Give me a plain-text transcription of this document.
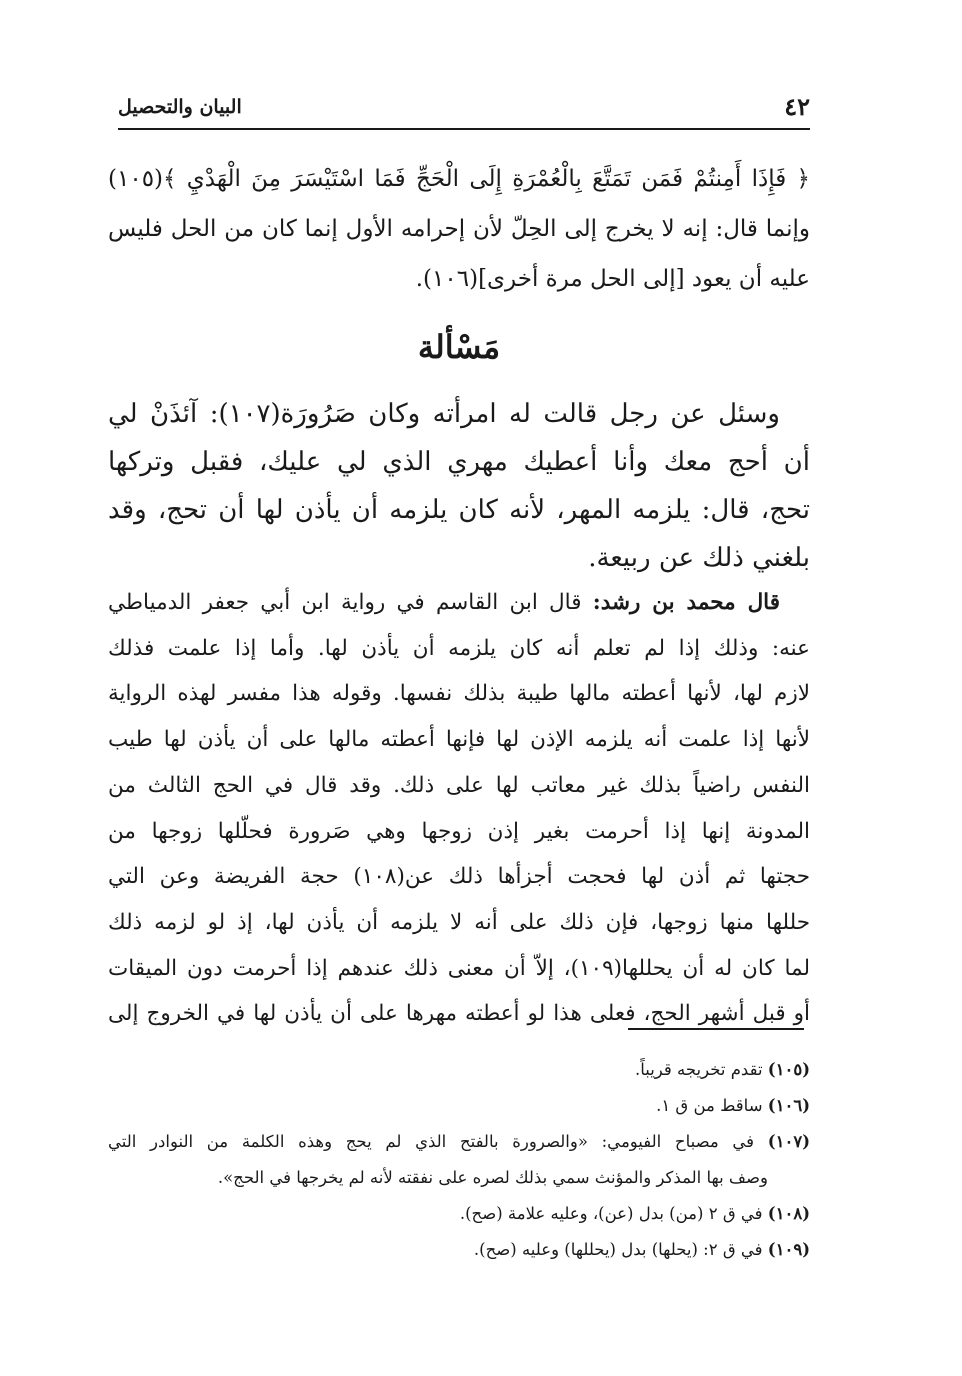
٤٢
البيان والتحصيل
﴿ فَإِذَا أَمِنتُمْ فَمَن تَمَتَّعَ بِالْعُمْرَةِ إِلَى الْحَجِّ فَمَا اسْتَيْسَرَ مِنَ الْهَدْيِ ﴾(١٠٥)
وإنما قال: إنه لا يخرج إلى الحِلّ لأن إحرامه الأول إنما كان من الحل فليس
عليه أن يعود [إلى الحل مرة أخرى](١٠٦).
مَسْألة
وسئل عن رجل قالت له امرأته وكان صَرُورَة(١٠٧): آئذَنْ لي
أن أحج معك وأنا أعطيك مهري الذي لي عليك، فقبل وتركها
تحج، قال: يلزمه المهر، لأنه كان يلزمه أن يأذن لها أن تحج، وقد
بلغني ذلك عن ربيعة.
قال محمد بن رشد: قال ابن القاسم في رواية ابن أبي جعفر الدمياطي
عنه: وذلك إذا لم تعلم أنه كان يلزمه أن يأذن لها. وأما إذا علمت فذلك
لازم لها، لأنها أعطته مالها طيبة بذلك نفسها. وقوله هذا مفسر لهذه الرواية
لأنها إذا علمت أنه يلزمه الإذن لها فإنها أعطته مالها على أن يأذن لها طيب
النفس راضياً بذلك غير معاتب لها على ذلك. وقد قال في الحج الثالث من
المدونة إنها إذا أحرمت بغير إذن زوجها وهي صَرورة فحلّلها زوجها من
حجتها ثم أذن لها فحجت أجزأها ذلك عن(١٠٨) حجة الفريضة وعن التي
حللها منها زوجها، فإن ذلك على أنه لا يلزمه أن يأذن لها، إذ لو لزمه ذلك
لما كان له أن يحللها(١٠٩)، إلاّ أن معنى ذلك عندهم إذا أحرمت دون الميقات
أو قبل أشهر الحج، فعلى هذا لو أعطته مهرها على أن يأذن لها في الخروج إلى
(١٠٥) تقدم تخريجه قريباً.
(١٠٦) ساقط من ق ١.
(١٠٧) في مصباح الفيومي: «والصرورة بالفتح الذي لم يحج وهذه الكلمة من النوادر التي
وصف بها المذكر والمؤنث سمي بذلك لصره على نفقته لأنه لم يخرجها في الحج».
(١٠٨) في ق ٢ (من) بدل (عن)، وعليه علامة (صح).
(١٠٩) في ق ٢: (يحلها) بدل (يحللها) وعليه (صح).
